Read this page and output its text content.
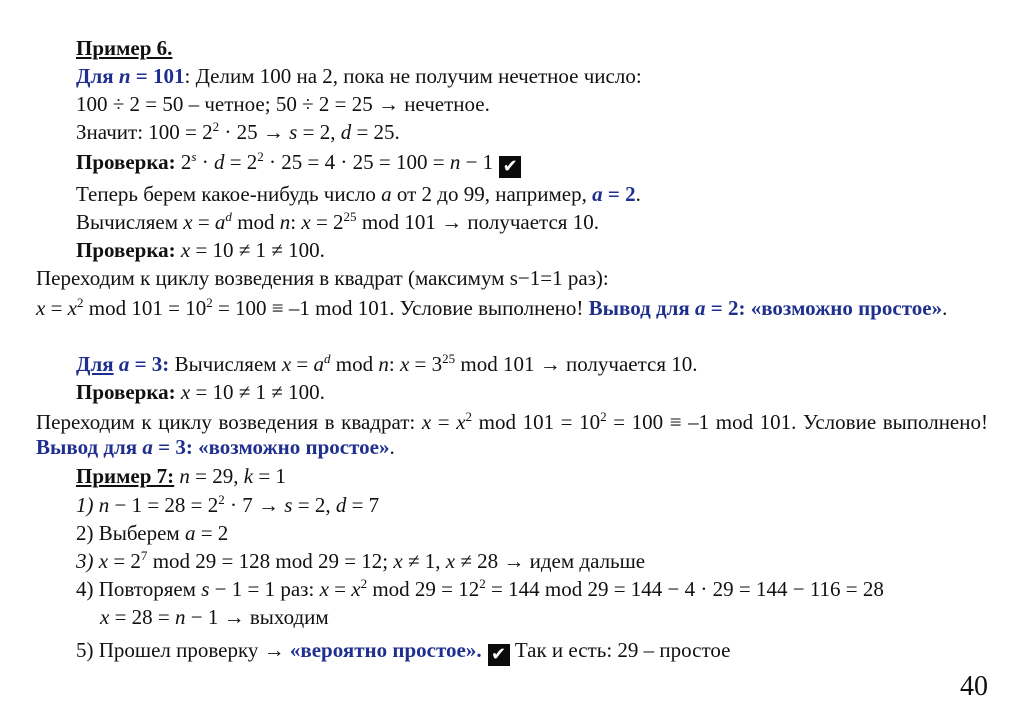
Пример 6.
Для n = 101: Делим 100 на 2, пока не получим нечетное число:
100 ÷ 2 = 50 – четное; 50 ÷ 2 = 25 → нечетное.
Значит: $100 = 2^2 \cdot 25 \to s = 2$, d = 25.
Проверка: $2^s \cdot d = 2^2 \cdot 25 = 4 \cdot 25 = 100 = n - 1$ ✔
Теперь берем какое-нибудь число a от 2 до 99, например, a = 2.
Вычисляем $x = a^d$ mod n: $x = 2^{25}$ mod 101 → получается 10.
Проверка: x = 10 ≠ 1 ≠ 100.
Переходим к циклу возведения в квадрат (максимум s−1=1 раз):
$x = x^2$ mod $101 = 10^2 = 100 \equiv -1$ mod 101. Условие выполнено! Вывод для a = 2: «возможно простое».
Для a = 3: Вычисляем $x = a^d$ mod n: $x = 3^{25}$ mod 101 → получается 10.
Проверка: x = 10 ≠ 1 ≠ 100.
Переходим к циклу возведения в квадрат: $x = x^2$ mod $101 = 10^2 = 100 \equiv -1$ mod 101. Условие выполнено! Вывод для a = 3: «возможно простое».
Пример 7: n = 29, k = 1
1) $n - 1 = 28 = 2^2 \cdot 7 \to s = 2$, d = 7
2) Выберем a = 2
3) $x = 2^7$ mod 29 = 128 mod 29 = 12; x ≠ 1, x ≠ 28 → идем дальше
4) Повторяем s − 1 = 1 раз: $x = x^2$ mod $29 = 12^2 = 144$ mod 29 = 144 − 4 · 29 = 144 − 116 = 28
x = 28 = n − 1 → выходим
5) Прошел проверку → «вероятно простое». ✔ Так и есть: 29 – простое
40
